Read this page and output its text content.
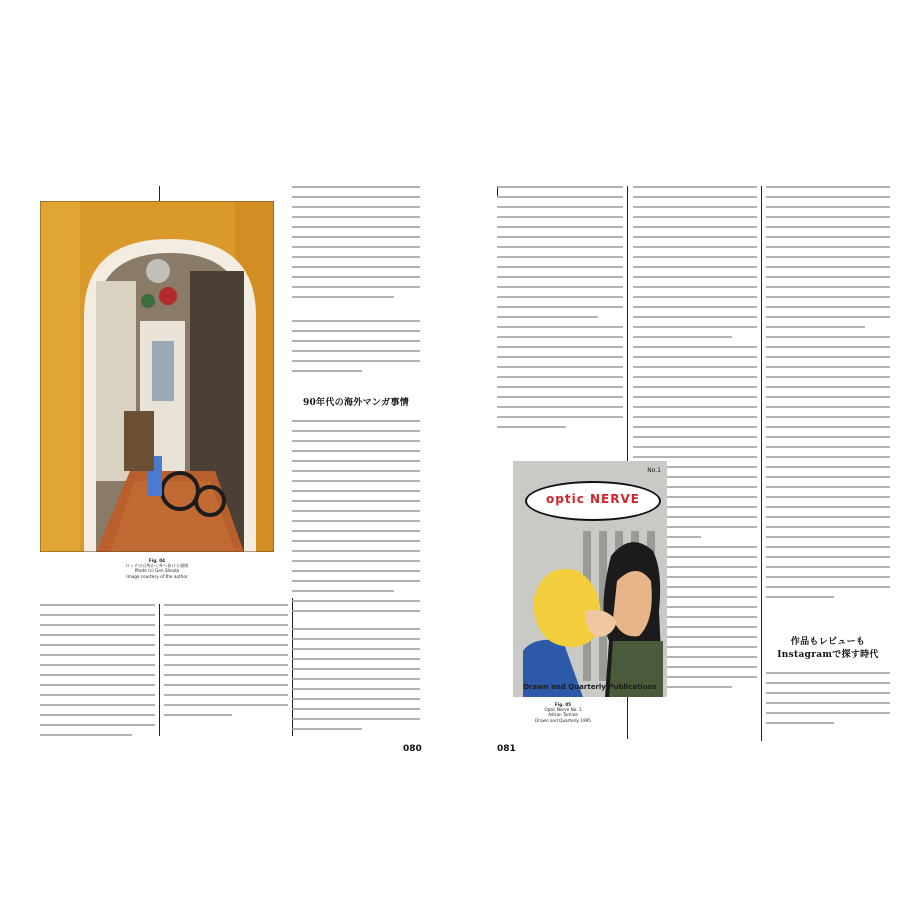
Fig. 04
ロッテの台所から外へ抜ける通路
Photo (c) Gen Shioda
Image courtesy of the author
90年代の海外マンガ事情
080
作品もレビューも
Instagramで探す時代
optic NERVE
No.1
Drawn and Quarterly Publications
Fig. 05
Optic Nerve No. 1
Adrian Tomine
Drawn and Quarterly 1995
081
